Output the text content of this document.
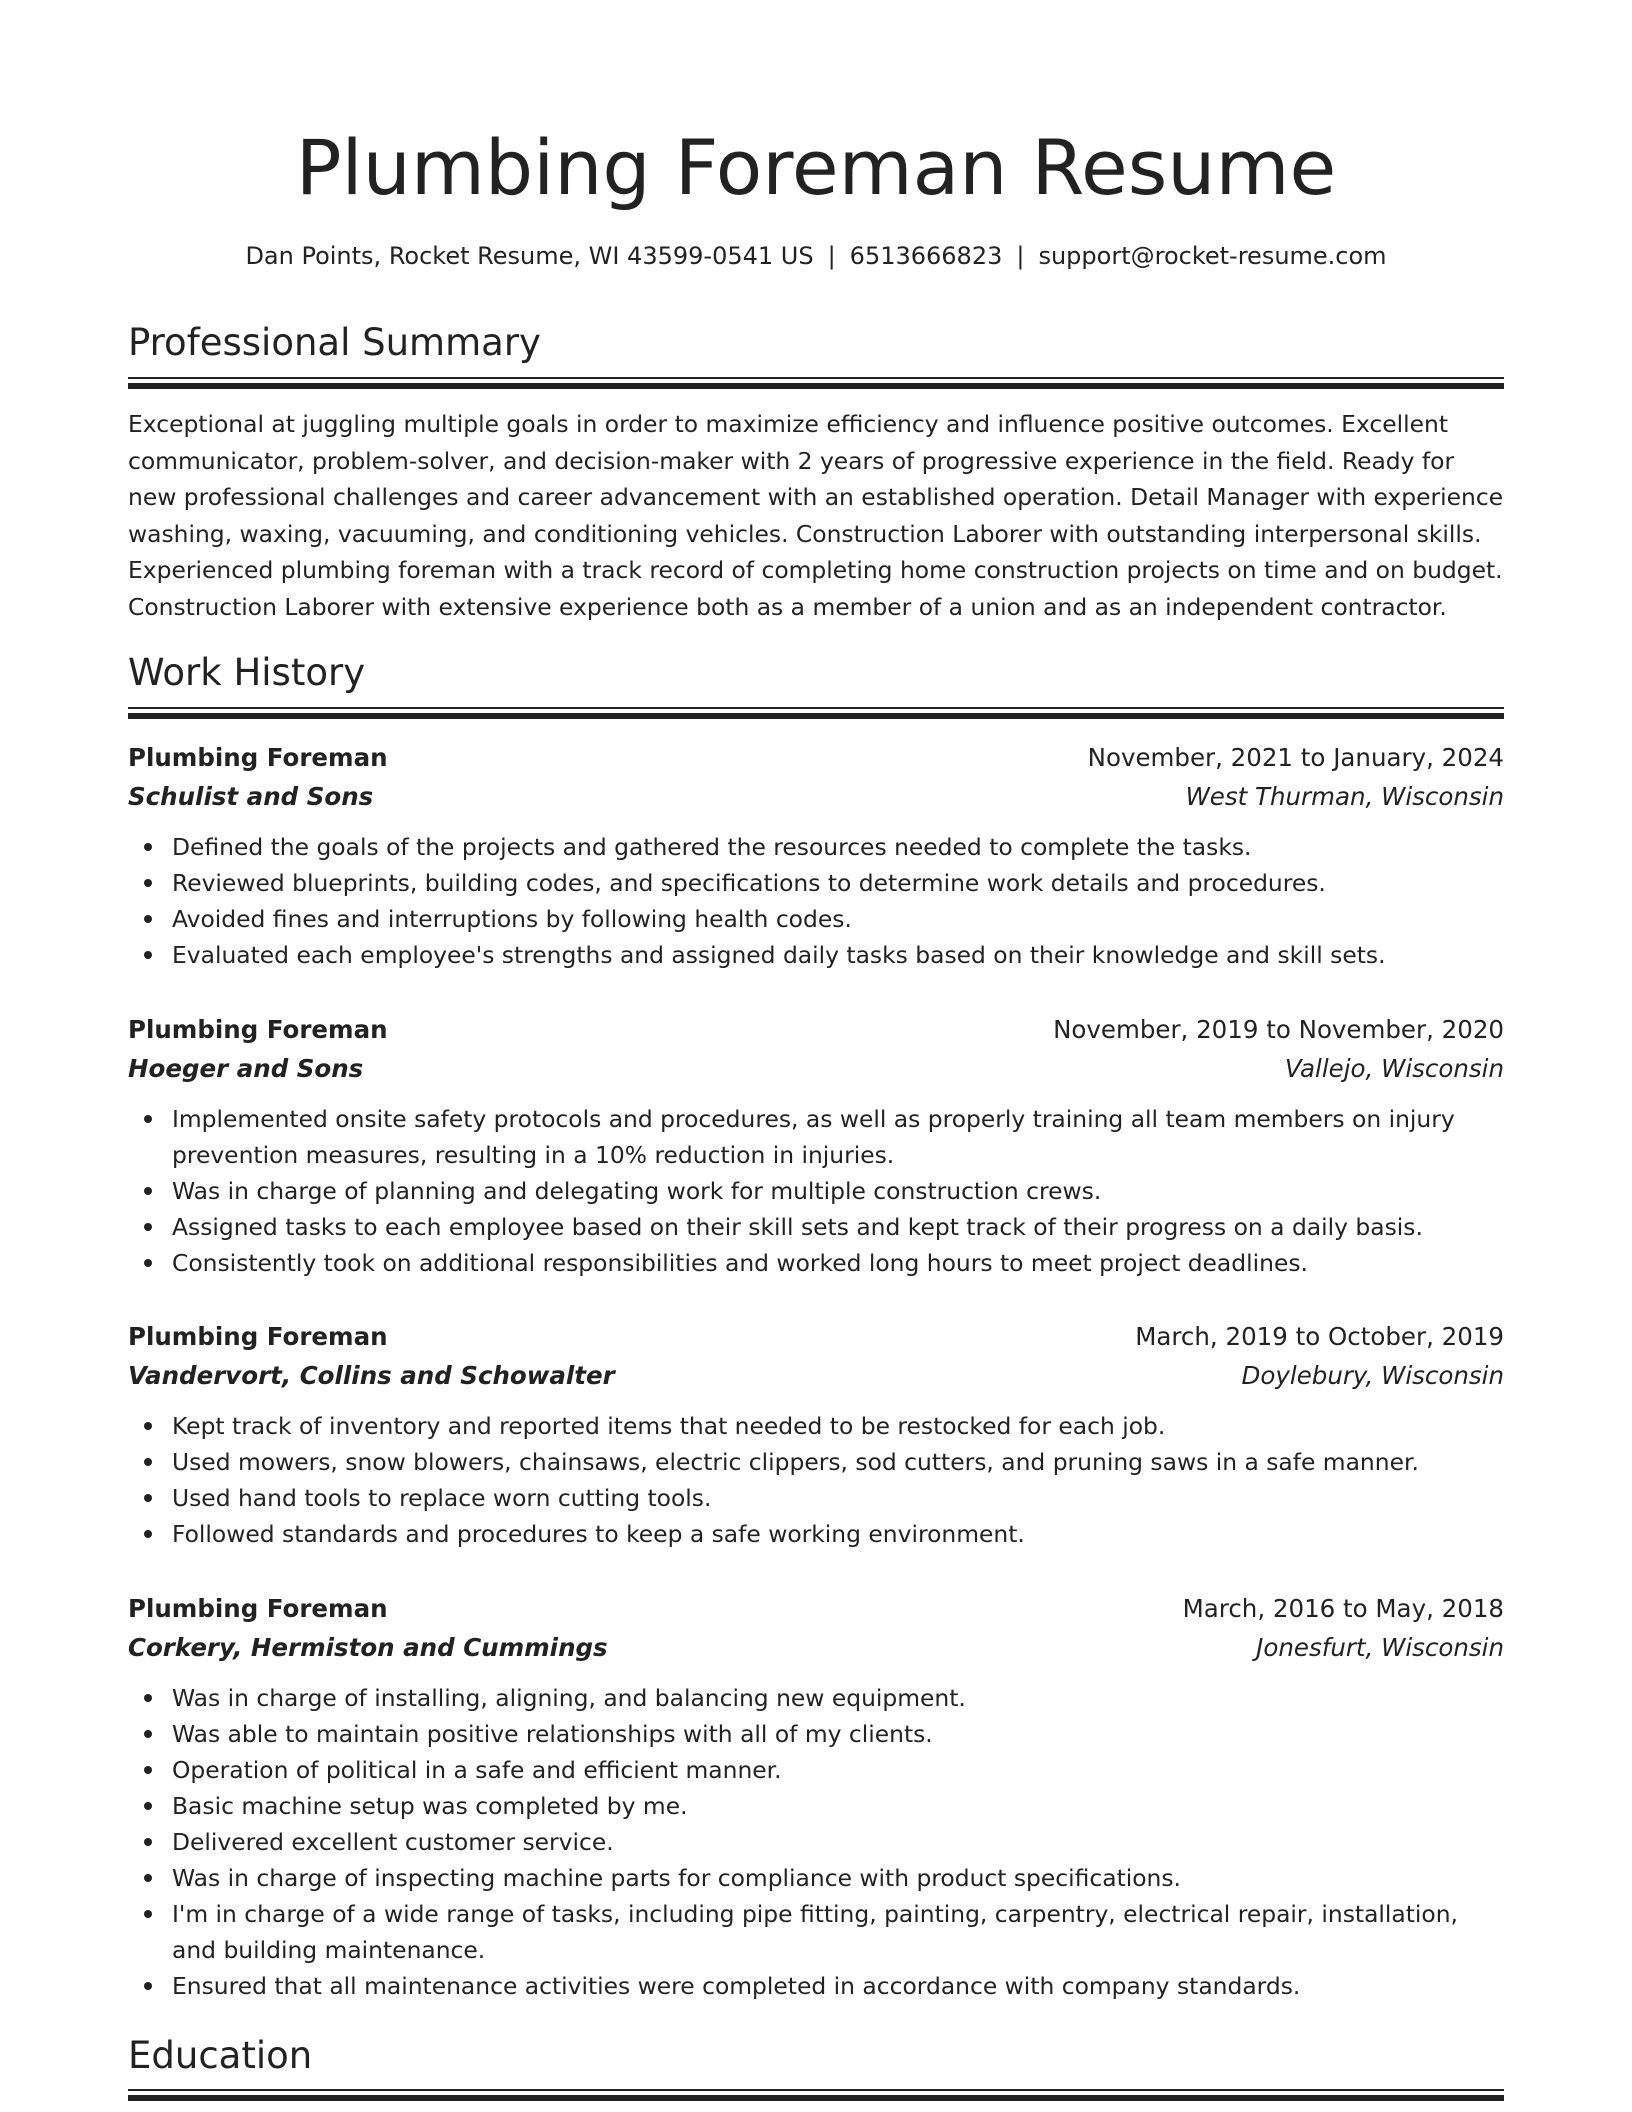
Plumbing Foreman Resume
Dan Points, Rocket Resume, WI 43599-0541 US | 6513666823 | support@rocket-resume.com
Professional Summary

Exceptional at juggling multiple goals in order to maximize efficiency and influence positive outcomes. Excellent communicator, problem-solver, and decision-maker with 2 years of progressive experience in the field. Ready for new professional challenges and career advancement with an established operation. Detail Manager with experience washing, waxing, vacuuming, and conditioning vehicles. Construction Laborer with outstanding interpersonal skills. Experienced plumbing foreman with a track record of completing home construction projects on time and on budget. Construction Laborer with extensive experience both as a member of a union and as an independent contractor.

Work History
Plumbing Foreman	November, 2021 to January, 2024
Schulist and Sons	West Thurman, Wisconsin
Defined the goals of the projects and gathered the resources needed to complete the tasks.
Reviewed blueprints, building codes, and specifications to determine work details and procedures.
Avoided fines and interruptions by following health codes.
Evaluated each employee's strengths and assigned daily tasks based on their knowledge and skill sets.
Plumbing Foreman	November, 2019 to November, 2020
Hoeger and Sons	Vallejo, Wisconsin
Implemented onsite safety protocols and procedures, as well as properly training all team members on injury prevention measures, resulting in a 10% reduction in injuries.
Was in charge of planning and delegating work for multiple construction crews.
Assigned tasks to each employee based on their skill sets and kept track of their progress on a daily basis.
Consistently took on additional responsibilities and worked long hours to meet project deadlines.
Plumbing Foreman	March, 2019 to October, 2019
Vandervort, Collins and Schowalter	Doylebury, Wisconsin
Kept track of inventory and reported items that needed to be restocked for each job.
Used mowers, snow blowers, chainsaws, electric clippers, sod cutters, and pruning saws in a safe manner.
Used hand tools to replace worn cutting tools.
Followed standards and procedures to keep a safe working environment.
Plumbing Foreman	March, 2016 to May, 2018
Corkery, Hermiston and Cummings	Jonesfurt, Wisconsin
Was in charge of installing, aligning, and balancing new equipment.
Was able to maintain positive relationships with all of my clients.
Operation of political in a safe and efficient manner.
Basic machine setup was completed by me.
Delivered excellent customer service.
Was in charge of inspecting machine parts for compliance with product specifications.
I'm in charge of a wide range of tasks, including pipe fitting, painting, carpentry, electrical repair, installation, and building maintenance.
Ensured that all maintenance activities were completed in accordance with company standards.
Education
